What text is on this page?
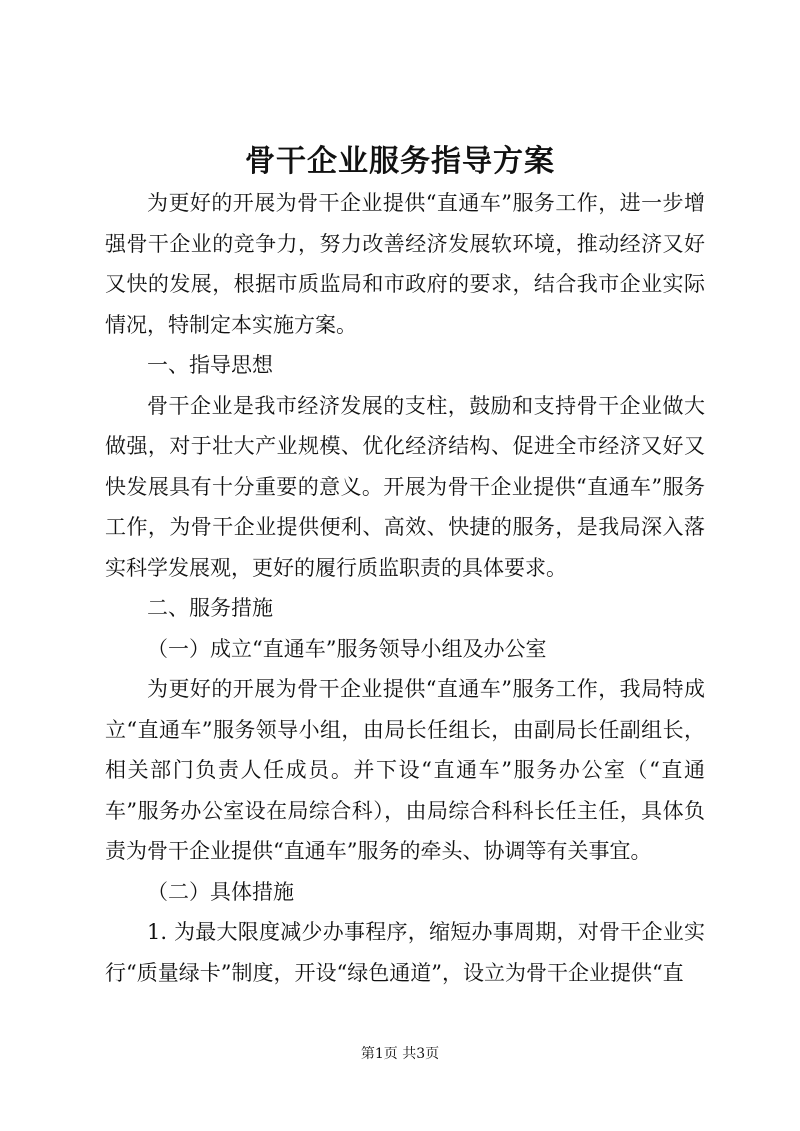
骨干企业服务指导方案

为更好的开展为骨干企业提供“直通车”服务工作，进一步增强骨干企业的竞争力，努力改善经济发展软环境，推动经济又好又快的发展，根据市质监局和市政府的要求，结合我市企业实际情况，特制定本实施方案。

一、指导思想

骨干企业是我市经济发展的支柱，鼓励和支持骨干企业做大做强，对于壮大产业规模、优化经济结构、促进全市经济又好又快发展具有十分重要的意义。开展为骨干企业提供“直通车”服务工作，为骨干企业提供便利、高效、快捷的服务，是我局深入落实科学发展观，更好的履行质监职责的具体要求。

二、服务措施

（一）成立“直通车”服务领导小组及办公室

为更好的开展为骨干企业提供“直通车”服务工作，我局特成立“直通车”服务领导小组，由局长任组长，由副局长任副组长，相关部门负责人任成员。并下设“直通车”服务办公室（“直通车”服务办公室设在局综合科），由局综合科科长任主任，具体负责为骨干企业提供“直通车”服务的牵头、协调等有关事宜。

（二）具体措施

1. 为最大限度减少办事程序，缩短办事周期，对骨干企业实行“质量绿卡”制度，开设“绿色通道”，设立为骨干企业提供“直

第1页 共3页
